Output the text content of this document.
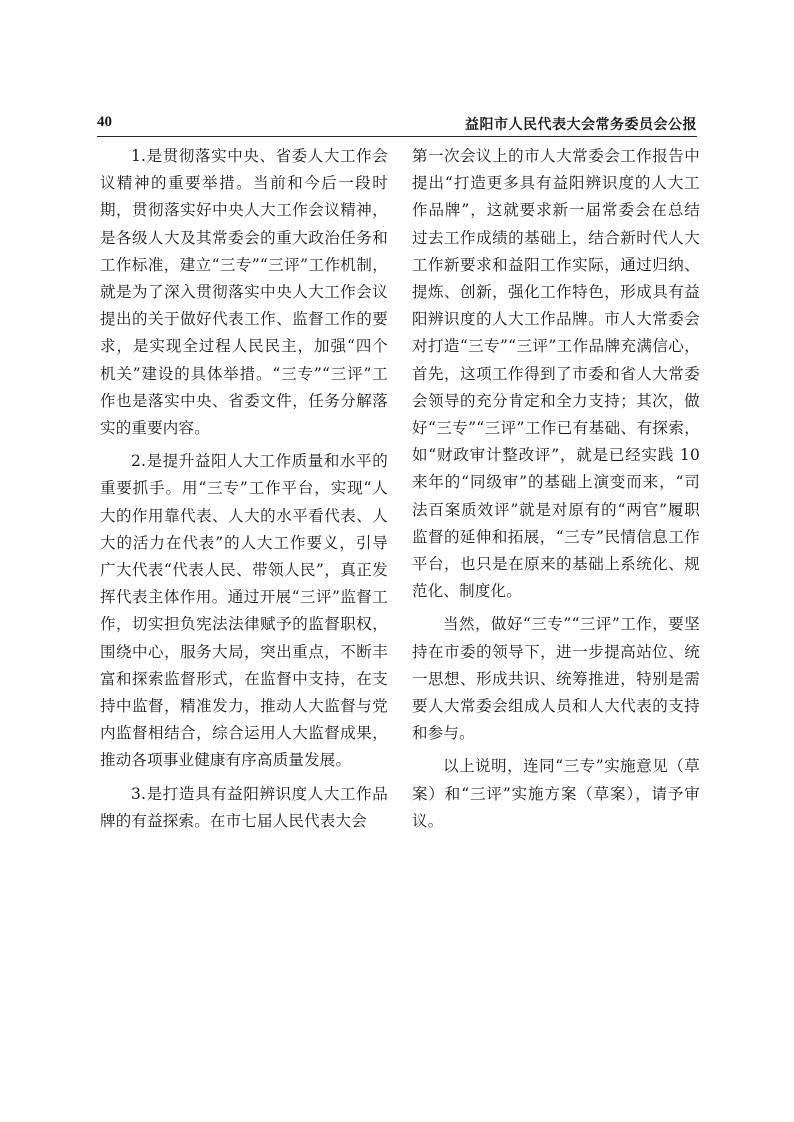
40	益阳市人民代表大会常务委员会公报

1.是贯彻落实中央、省委人大工作会议精神的重要举措。当前和今后一段时期，贯彻落实好中央人大工作会议精神，是各级人大及其常委会的重大政治任务和工作标准，建立“三专”“三评”工作机制，就是为了深入贯彻落实中央人大工作会议提出的关于做好代表工作、监督工作的要求，是实现全过程人民民主，加强“四个机关”建设的具体举措。“三专”“三评”工作也是落实中央、省委文件，任务分解落实的重要内容。

2.是提升益阳人大工作质量和水平的重要抓手。用“三专”工作平台，实现“人大的作用靠代表、人大的水平看代表、人大的活力在代表”的人大工作要义，引导广大代表“代表人民、带领人民”，真正发挥代表主体作用。通过开展“三评”监督工作，切实担负宪法法律赋予的监督职权，围绕中心，服务大局，突出重点，不断丰富和探索监督形式，在监督中支持，在支持中监督，精准发力，推动人大监督与党内监督相结合，综合运用人大监督成果，推动各项事业健康有序高质量发展。

3.是打造具有益阳辨识度人大工作品牌的有益探索。在市七届人民代表大会

第一次会议上的市人大常委会工作报告中提出“打造更多具有益阳辨识度的人大工作品牌”，这就要求新一届常委会在总结过去工作成绩的基础上，结合新时代人大工作新要求和益阳工作实际，通过归纳、提炼、创新，强化工作特色，形成具有益阳辨识度的人大工作品牌。市人大常委会对打造“三专”“三评”工作品牌充满信心，首先，这项工作得到了市委和省人大常委会领导的充分肯定和全力支持；其次，做好“三专”“三评”工作已有基础、有探索，如“财政审计整改评”，就是已经实践 10 来年的“同级审”的基础上演变而来，“司法百案质效评”就是对原有的“两官”履职监督的延伸和拓展，“三专”民情信息工作平台，也只是在原来的基础上系统化、规范化、制度化。

当然，做好“三专”“三评”工作，要坚持在市委的领导下，进一步提高站位、统一思想、形成共识、统筹推进，特别是需要人大常委会组成人员和人大代表的支持和参与。

以上说明，连同“三专”实施意见（草案）和“三评”实施方案（草案），请予审议。
